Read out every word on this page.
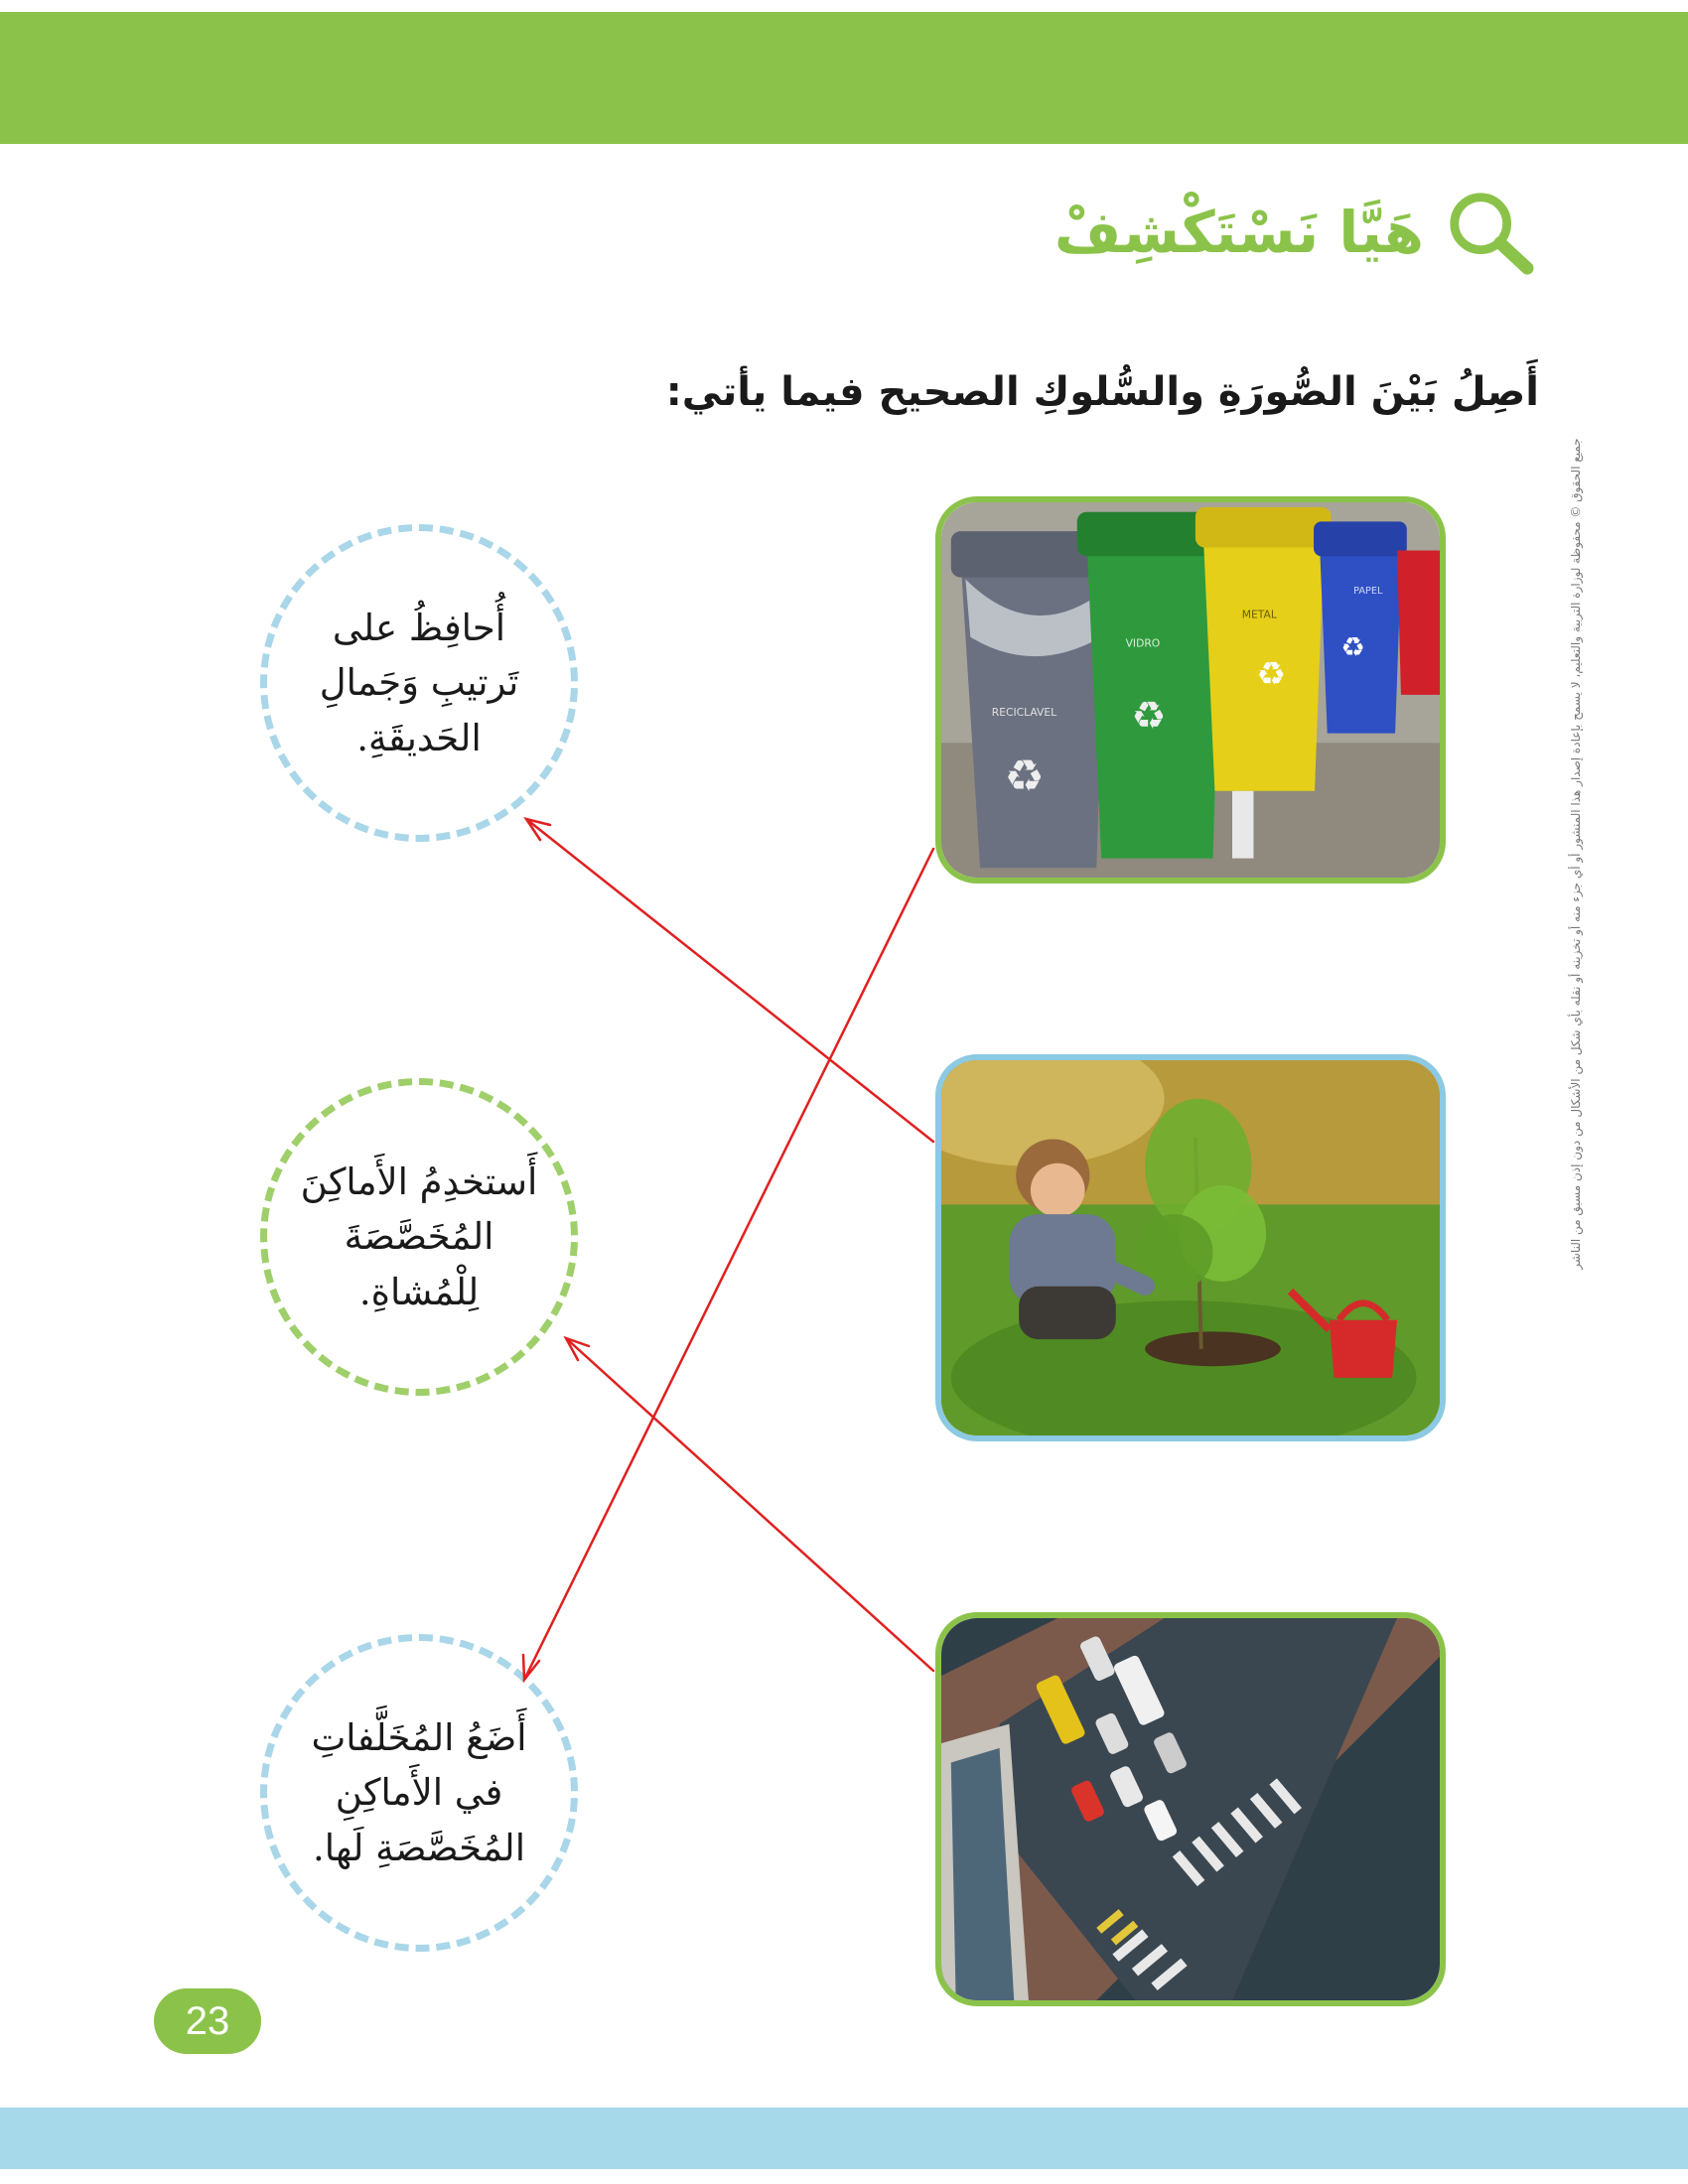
هَيَّا نَسْتَكْشِفْ
أَصِلُ بَيْنَ الصُّورَةِ والسُّلوكِ الصحيح فيما يأتي:
RECICLAVEL
♻
VIDRO
♻
METAL
♻
PAPEL
♻
أُحافِظُ على تَرتيبِ وَجَمالِ الحَديقَةِ.
أَستخدِمُ الأَماكِنَ المُخَصَّصَةَ لِلْمُشاةِ.
أَضَعُ المُخَلَّفاتِ في الأَماكِنِ المُخَصَّصَةِ لَها.
23
جميع الحقوق © محفوظة لوزارة التربية والتعليم، لا يسمح بإعادة إصدار هذا المنشور أو أي جزء منه أو تخزينه أو نقله بأي شكل من الأشكال من دون إذن مسبق من الناشر
